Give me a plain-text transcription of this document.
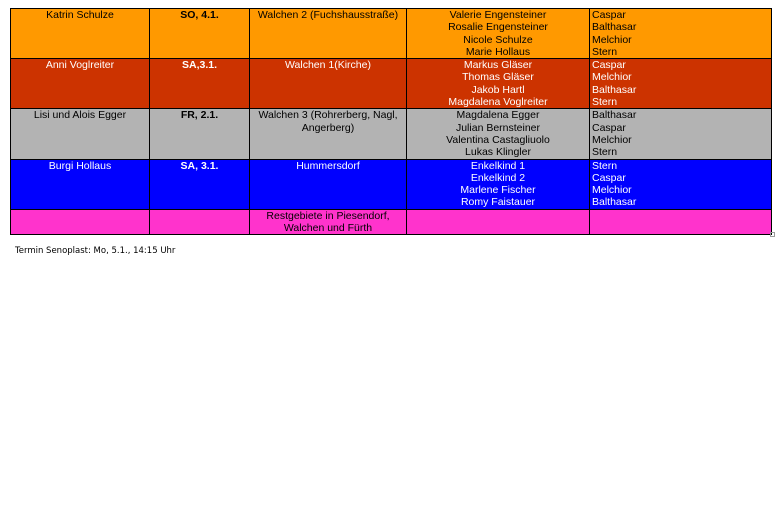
Katrin Schulze	SO, 4.1.	Walchen 2 (Fuchshausstraße)	Valerie Engensteiner
Rosalie Engensteiner
Nicole Schulze
Marie Hollaus	Caspar
Balthasar
Melchior
Stern

Anni Voglreiter	SA,3.1.	Walchen 1(Kirche)	Markus Gläser
Thomas Gläser
Jakob Hartl
Magdalena Voglreiter	Caspar
Melchior
Balthasar
Stern

Lisi und Alois Egger	FR, 2.1.	Walchen 3 (Rohrerberg, Nagl,
Angerberg)	Magdalena Egger
Julian Bernsteiner
Valentina Castagliuolo
Lukas Klingler	Balthasar
Caspar
Melchior
Stern

Burgi Hollaus	SA, 3.1.	Hummersdorf	Enkelkind 1
Enkelkind 2
Marlene Fischer
Romy Faistauer	Stern
Caspar
Melchior
Balthasar

		Restgebiete in Piesendorf,
Walchen und Fürth		

Termin Senoplast: Mo, 5.1., 14:15 Uhr
